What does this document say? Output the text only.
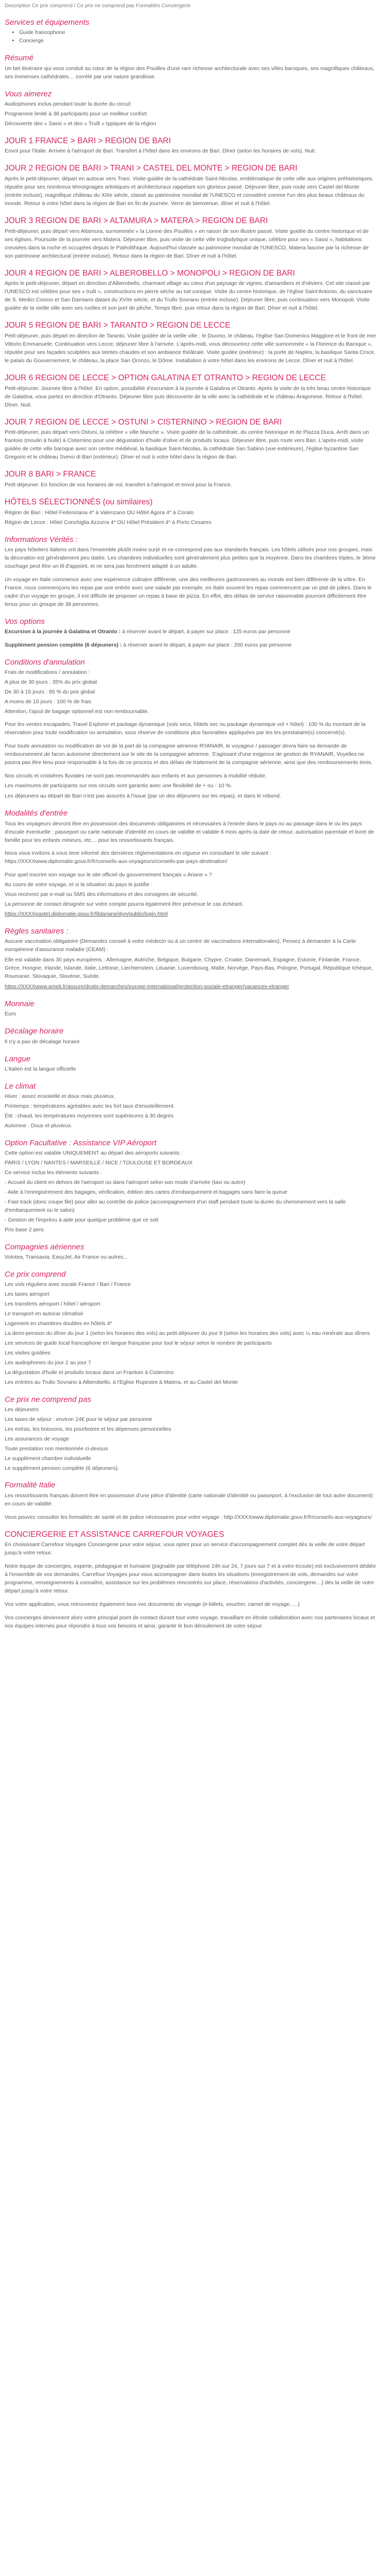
Description Ce prix comprend / Ce prix ne comprend pas Formalités Conciergerie
Services et équipements
• Guide francophone
• Concierge
Résumé

Un bel itinéraire qui vous conduit au cœur de la région des Pouilles d'une rare richesse architecturale avec ses villes baroques, ses magnifiques châteaux, ses immenses cathédrales… corrélé par une nature grandiose.

Vous aimerez

Audiophones inclus pendant toute la durée du circuit

Programme limité à 38 participants pour un meilleur confort

Découverte des « Sassi » et des « Trulli » typiques de la région

JOUR 1 FRANCE > BARI > REGION DE BARI

Envol pour l'Italie. Arrivée à l'aéroport de Bari. Transfert à l'hôtel dans les environs de Bari. Dîner (selon les horaires de vols). Nuit.

JOUR 2 REGION DE BARI > TRANI > CASTEL DEL MONTE > REGION DE BARI

Après le petit-déjeuner, départ en autocar vers Trani. Visite guidée de la cathédrale Saint-Nicolas, emblématique de cette ville aux origines préhistoriques, réputée pour ses nombreux témoignages artistiques et architecturaux rappelant son glorieux passé. Déjeuner libre, puis route vers Castel del Monte (entrée incluse), magnifique château du XIIIe siècle, classé au patrimoine mondial de l'UNESCO et considéré comme l'un des plus beaux châteaux du monde. Retour à votre hôtel dans la région de Bari en fin de journée. Verre de bienvenue, dîner et nuit à l'hôtel.

JOUR 3 REGION DE BARI > ALTAMURA > MATERA > REGION DE BARI

Petit-déjeuner, puis départ vers Altamura, surnommée « la Lionne des Pouilles » en raison de son illustre passé. Visite guidée du centre historique et de ses églises. Poursuite de la journée vers Matera. Déjeuner libre, puis visite de cette ville troglodytique unique, célèbre pour ses « Sassi », habitations creusées dans la roche et occupées depuis le Paléolithique. Aujourd'hui classée au patrimoine mondial de l'UNESCO, Matera fascine par la richesse de son patrimoine architectural (entrée incluse). Retour dans la région de Bari. Dîner et nuit à l'hôtel.

JOUR 4 REGION DE BARI > ALBEROBELLO > MONOPOLI > REGION DE BARI

Après le petit-déjeuner, départ en direction d'Alberobello, charmant village au cœur d'un paysage de vignes, d'amandiers et d'oliviers. Cet site classé par l'UNESCO est célèbre pour ses « trulli », constructions en pierre sèche au toit conique. Visite du centre historique, de l'église Saint'Antonio, du sanctuaire de S. Medici Cosmo et San Damiano datant du XVIIe siècle, et du Trullo Sovrano (entrée incluse). Déjeuner libre, puis continuation vers Monopoli. Visite guidée de la vieille ville avec ses ruelles et son port de pêche. Temps libre, puis retour dans la région de Bari. Dîner et nuit à l'hôtel.

JOUR 5 REGION DE BARI > TARANTO > REGION DE LECCE

Petit-déjeuner, puis départ en direction de Taranto. Visite guidée de la vieille ville : le Duomo, le château, l'église San Domenico Maggiore et le front de mer Vittorio Emmanuele. Continuation vers Lecce, déjeuner libre à l'arrivée. L'après-midi, vous découvrirez cette ville surnommée « la Florence du Baroque », réputée pour ses façades sculptées aux teintes chaudes et son ambiance théâtrale. Visite guidée (extérieur) : la porte de Naples, la basilique Santa Croce, le palais du Gouvernement, le château, la place San Oronzo, le Dôme. Installation à votre hôtel dans les environs de Lecce. Dîner et nuit à l'hôtel.

JOUR 6 REGION DE LECCE > OPTION GALATINA ET OTRANTO > REGION DE LECCE

Petit-déjeuner. Journée libre à l'hôtel. En option, possibilité d'excursion à la journée à Galatina et Otranto. Après la visite de la très beau centre historique de Galatina, vous partez en direction d'Otranto. Déjeuner libre puis découverte de la ville avec la cathédrale et le château Aragonese. Retour à l'hôtel. Dîner. Nuit.

JOUR 7 REGION DE LECCE > OSTUNI > CISTERNINO > REGION DE BARI

Petit-déjeuner, puis départ vers Ostuni, la célèbre « ville blanche ». Visite guidée de la cathédrale, du centre historique et de Piazza Duca. Arrêt dans un frantoio (moulin à huile) à Cisternino pour une dégustation d'huile d'olive et de produits locaux. Déjeuner libre, puis route vers Bari. L'après-midi, visite guidée de cette ville baroque avec son centre médiéval, la basilique Saint-Nicolas, la cathédrale San Sabino (vue extérieure), l'église byzantine San Gregorio et le château Svevo di Bari (extérieur). Dîner et nuit à votre hôtel dans la région de Bari.

JOUR 8 BARI > FRANCE

Petit déjeuner. En fonction de vos horaires de vol, transfert à l'aéroport et envol pour la France.

HÔTELS SÉLECTIONNÉS (ou similaires)

Région de Bari : Hôtel Federiciana 4* à Valenzano OU Hôtel Agora 4* à Corato

Région de Lecce : Hôtel Conchiglia Azzurra 4* OU Hôtel Président 4* à Porto Cesareo

Informations Vérités :

Les pays hôteliers italiens ont dans l'ensemble plutôt moins surjé et ne correspond pas aux standards français. Les hôtels utilisés pour nos groupes, mais la décoration est généralement peu datée. Les chambres individuelles sont généralement plus petites que la moyenne. Dans les chambres triples, le 3ème couchage peut être un lit d'appoint, et ne sera pas forcément adapté à un adulte.

Un voyage en Italie commence avec une expérience culinaire différente, une des meilleures gastronomies au monde est bien différente de la vôtre. En France, nous commençons les repas par une entrée avec une salade par exemple, en Italie souvent les repas commencent par un plat de pâtes. Dans le cadre d'un voyage en groupe, il est difficile de proposer un repas à base de pizza. En effet, des délais de service raisonnable pourront difficilement être tenus pour un groupe de 38 personnes.

Vos options

Excursion à la journée à Galatina et Otranto : à réserver avant le départ, à payer sur place : 125 euros par personne

Supplément pension complète (6 déjeuners) : à réserver avant le départ, à payer sur place : 200 euros par personne

Conditions d'annulation

Frais de modifications / annulation :

A plus de 30 jours : 35% du prix global

De 30 à 15 jours : 85 % du prix global

A moins de 15 jours : 100 % de frais

Attention, l'ajout de bagage optionnel est non remboursable.

Pour les ventes escapades, Travel Explorer et package dynamique (vols secs, hôtels sec ou package dynamique vol + hôtel) : 100 % du montant de la réservation pour toute modification ou annulation, sous réserve de conditions plus favorables appliquées par les les prestataire(s) concerné(s).

Pour toute annulation ou modification de vol de la part de la compagnie aérienne RYANAIR, le voyageur / passager devra faire sa demande de remboursement de facon autonome directement sur le site de la compagnie aérienne. S'agissant d'une exigence de gestion de RYANAIR, Voyelles ne pourra pas être tenu pour responsable à la fois de ce process et des délais de traitement de la compagnie aérienne, ainsi que des remboursements émis.

Nos circuits et croisières fluviales ne sont pas recommandés aux enfants et aux personnes à mobilité réduite.

Les maximums de participants sur nos circuits sont garantis avec une flexibilité de + ou - 10 %.

Les déjeuners au départ de Bari n'est pas assurés à l'issue (par un des déjeuners sur les repas), et dans le rebond.

Modalités d'entrée

Tous les voyageurs devront être en possession des documents obligatoires et nécessaires à l'entrée dans le pays ou au passage dans le ou les pays d'escale éventuelle : passeport ou carte nationale d'identité en cours de validité et valable 6 mois après la date de retour, autorisation parentale et livret de famille pour les enfants mineurs, etc… pour les ressortissants français.

Nous vous invitons à vous tenir informé des dernières réglementations en vigueur en consultant le site suivant : https://XXXXwww.diplomatie.gouv.fr/fr/conseils-aux-voyageurs/conseils-par-pays-destination/

Pour quel inscrire son voyage sur le site officiel du gouvernement français « Ariane » ?

Au cours de votre voyage, et si la situation du pays le justifie :

Vous recevrez par e-mail ou SMS des informations et des consignes de sécurité.

La personne de contact désignée sur votre compte pourra également être prévenue le cas échéant.

https://XXXXpastel.diplomatie.gouv.fr/fildariane/dyn/public/login.html

Règles sanitaires :

Aucune vaccination obligatoire (Demandez conseil à votre médecin ou à un centre de vaccinations internationales). Pensez à demander à la Carte européenne d'assurance maladie (CEAM) :

Elle est valable dans 30 pays européens : Allemagne, Autriche, Belgique, Bulgarie, Chypre, Croatie, Danemark, Espagne, Estonie, Finlande, France, Grèce, Hongrie, Irlande, Islande, Italie, Lettonie, Liechtenstein, Lituanie, Luxembourg, Malte, Norvège, Pays-Bas, Pologne, Portugal, République tchèque, Roumanie, Slovaquie, Slovénie, Suède.

https://XXXXwww.ameli.fr/assure/droits-demarches/europe-international/protection-sociale-etranger/vacances-etranger

Monnaie

Euro

Décalage horaire

Il n'y a pas de décalage horaire

Langue

L'italien est la langue officielle

Le climat

Hiver : assez ensoleillé et doux mais pluvieux.

Printemps : températures agréables avec les fort taux d'ensoleillement.

Été : chaud, les températures moyennes sont supérieures à 30 degrés

Automne : Doux et pluvieux.

Option Facultative : Assistance VIP Aéroport

Cette option est valable UNIQUEMENT au départ des aéroports suivants :

PARIS / LYON / NANTES / MARSEILLE / NICE / TOULOUSE ET BORDEAUX

Ce service inclus les éléments suivants :

- Accueil du client en dehors de l'aéroport ou dans l'aéroport selon son mode d'arrivée (taxi ou autre)

- Aide à l'enregistrement des bagages, vérification, édition des cartes d'embarquement et bagages sans faire la queue

- Fast track (donc coupe file) pour aller au contrôle de police (accompagnement d'un staff pendant toute la durée du cheminement vers la salle d'embarquement ou le salon)

- Gestion de l'imprévu à aide pour quelque problème que ce soit

Prix base 2 pers

Compagnies aériennes

Volotea, Transavia, EasyJet, Air France ou autres...

Ce prix comprend

Les vols réguliers avec escale France / Bari / France

Les taxes aéroport

Les transferts aéroport / hôtel / aéroport

Le transport en autocar climatisé

Logement en chambres doubles en hôtels 4*

La demi-pension du dîner du jour 1 (selon les horaires des vols) au petit-déjeuner du jour 8 (selon les horaires des vols) avec ¼ eau minérale aux dîners

Les services de guide local francophone en langue française pour tout le séjour selon le nombre de participants

Les visites guidées

Les audiophones du jour 2 au jour 7

La dégustation d'huile et produits locaux dans un Frantoio à Cisternino

Les entrées au Trullo Sovrano à Alberobello, à l'Eglise Rupestre à Matera, et au Castel del Monte

Ce prix ne comprend pas

Les déjeuners

Les taxes de séjour : environ 24€ pour le séjour par personne

Les extras, les boissons, les pourboires et les dépenses personnelles

Les assurances de voyage

Toute prestation non mentionnée ci-dessus

Le supplément chambre individuelle

Le supplément pension complète (6 déjeuners).

Formalité Italie

Les ressortissants français doivent être en possession d'une pièce d'identité (carte nationale d'identité ou passeport, à l'exclusion de tout autre document) en cours de validité.

Vous pouvez consulter les formalités de santé et de police nécessaires pour votre voyage : http://XXXXwww.diplomatie.gouv.fr/fr/conseils-aux-voyageurs/

CONCIERGERIE ET ASSISTANCE CARREFOUR VOYAGES

En choisissant Carrefour Voyages Conciergerie pour votre séjour, vous optez pour un service d'accompagnement complet dès la veille de votre départ jusqu'à votre retour.

Notre équipe de concierges, experte, pédagogue et humaine (joignable par téléphone 24h sur 24, 7 jours sur 7 et à votre écoute) est exclusivement dédiée à l'ensemble de vos demandes. Carrefour Voyages pour vous accompagner dans toutes les situations (enregistrement de vols, demandes sur votre programme, renseignements à connaître, assistance sur les problèmes rencontrés sur place, réservations d'activités, conciergerie…) dès la veille de votre départ jusqu'à votre retour.

Vos votre application, vous retrouverez également tous vos documents de voyage (e-billets, voucher, carnet de voyage, …)

Vos concierges deviennent alors votre principal point de contact durant tout votre voyage, travaillant en étroite collaboration avec nos partenaires locaux et nos équipes internes pour répondre à tous vos besoins et ainsi, garantir le bon déroulement de votre séjour.
